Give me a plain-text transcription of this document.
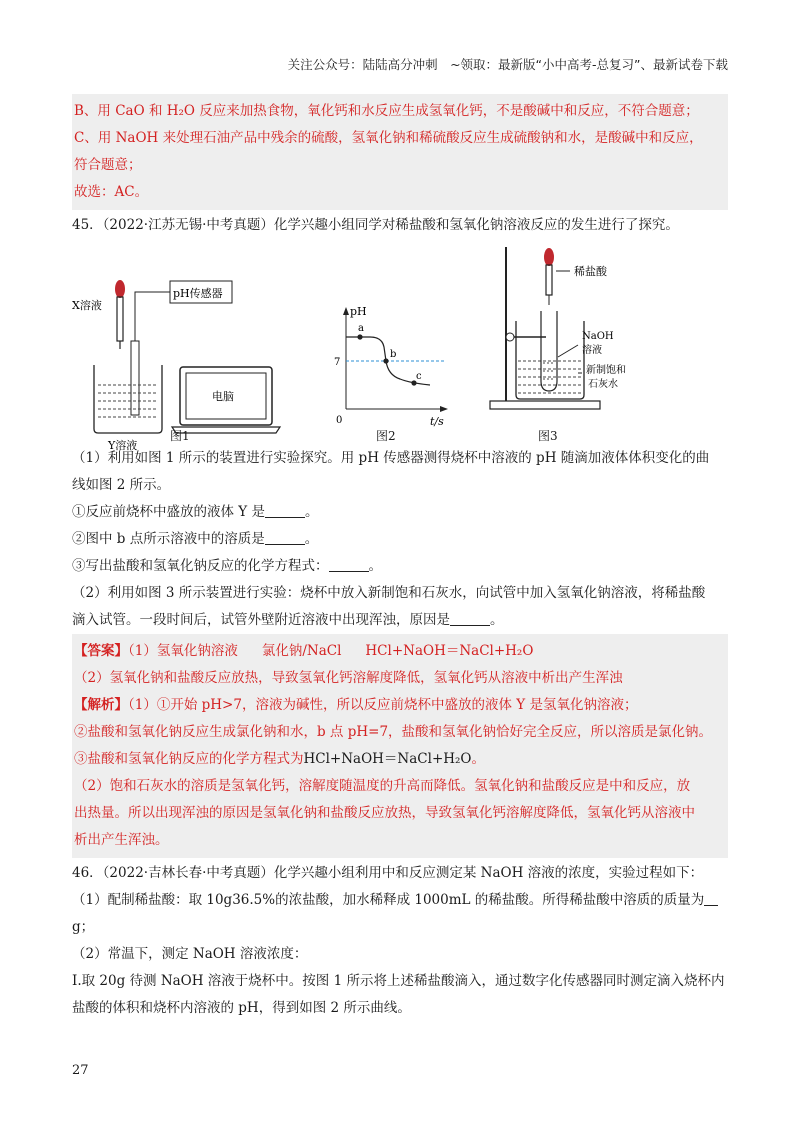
关注公众号：陆陆高分冲刺　~领取：最新版“小中高考-总复习”、最新试卷下载
B、用 CaO 和 H₂O 反应来加热食物，氧化钙和水反应生成氢氧化钙，不是酸碱中和反应，不符合题意；
C、用 NaOH 来处理石油产品中残余的硫酸，氢氧化钠和稀硫酸反应生成硫酸钠和水，是酸碱中和反应，
符合题意；
故选：AC。
45．（2022·江苏无锡·中考真题）化学兴趣小组同学对稀盐酸和氢氧化钠溶液反应的发生进行了探究。
X溶液
pH传感器
Y溶液
电脑
图1
pH
t/s
0
7
a
b
c
图2
稀盐酸
NaOH
溶液
新制饱和
石灰水
图3
（1）利用如图 1 所示的装置进行实验探究。用 pH 传感器测得烧杯中溶液的 pH 随滴加液体体积变化的曲
线如图 2 所示。
①反应前烧杯中盛放的液体 Y 是	。
②图中 b 点所示溶液中的溶质是	。
③写出盐酸和氢氧化钠反应的化学方程式：	。
（2）利用如图 3 所示装置进行实验：烧杯中放入新制饱和石灰水，向试管中加入氢氧化钠溶液，将稀盐酸
滴入试管。一段时间后，试管外壁附近溶液中出现浑浊，原因是	。
【答案】（1）氢氧化钠溶液 氯化钠/NaCl HCl+NaOH＝NaCl+H₂O
（2）氢氧化钠和盐酸反应放热，导致氢氧化钙溶解度降低，氢氧化钙从溶液中析出产生浑浊
【解析】（1）①开始 pH>7，溶液为碱性，所以反应前烧杯中盛放的液体 Y 是氢氧化钠溶液；
②盐酸和氢氧化钠反应生成氯化钠和水，b 点 pH=7，盐酸和氢氧化钠恰好完全反应，所以溶质是氯化钠。
③盐酸和氢氧化钠反应的化学方程式为HCl+NaOH＝NaCl+H₂O。
（2）饱和石灰水的溶质是氢氧化钙，溶解度随温度的升高而降低。氢氧化钠和盐酸反应是中和反应，放
出热量。所以出现浑浊的原因是氢氧化钠和盐酸反应放热，导致氢氧化钙溶解度降低，氢氧化钙从溶液中
析出产生浑浊。
46．（2022·吉林长春·中考真题）化学兴趣小组利用中和反应测定某 NaOH 溶液的浓度，实验过程如下：
（1）配制稀盐酸：取 10g36.5%的浓盐酸，加水稀释成 1000mL 的稀盐酸。所得稀盐酸中溶质的质量为
g；
（2）常温下，测定 NaOH 溶液浓度：
I.取 20g 待测 NaOH 溶液于烧杯中。按图 1 所示将上述稀盐酸滴入，通过数字化传感器同时测定滴入烧杯内
盐酸的体积和烧杯内溶液的 pH，得到如图 2 所示曲线。
27
